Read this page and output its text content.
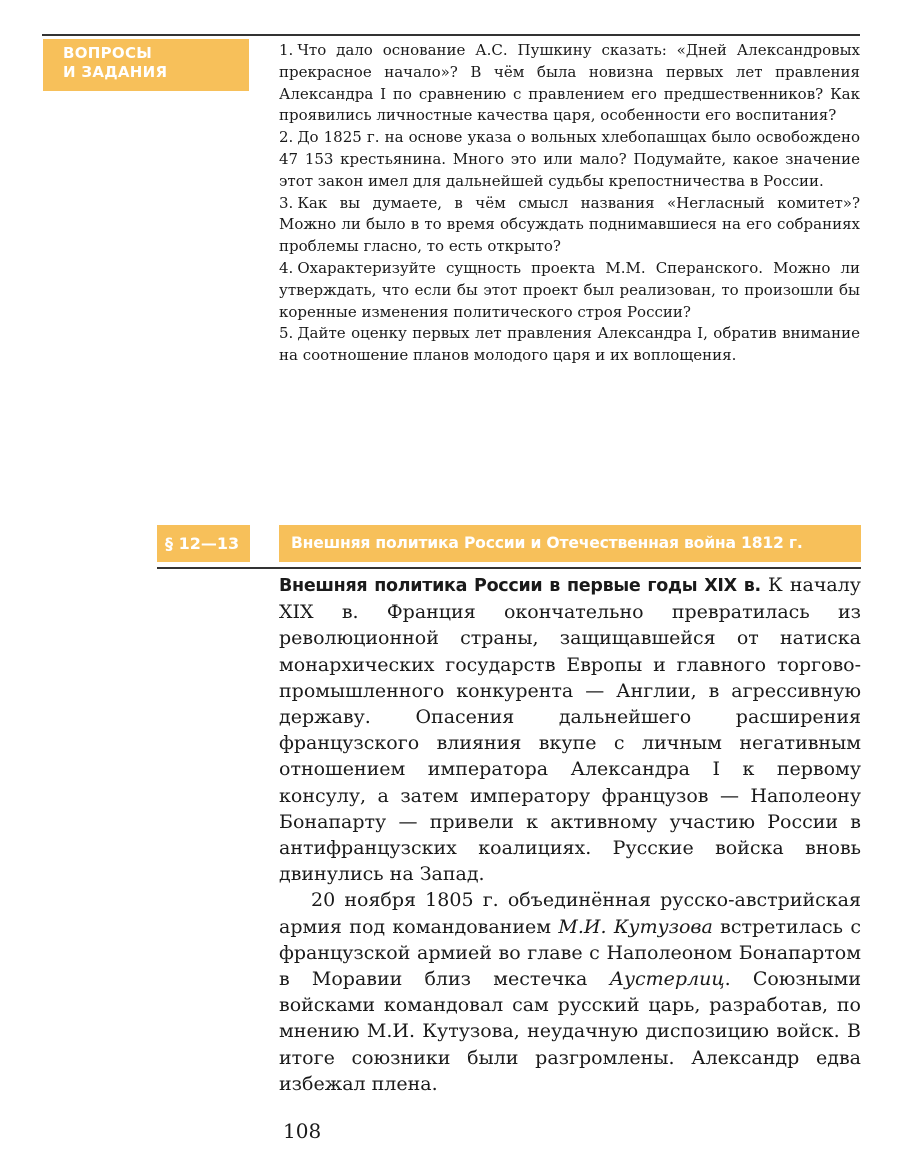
ВОПРОСЫ
И ЗАДАНИЯ

1. Что дало основание А.С. Пушкину сказать: «Дней Александровых прекрасное начало»? В чём была новизна первых лет правления Александра I по сравнению с правлением его предшественников? Как проявились личностные качества царя, особенности его воспитания?

2. До 1825 г. на основе указа о вольных хлебопашцах было освобождено 47 153 крестьянина. Много это или мало? Подумайте, какое значение этот закон имел для дальнейшей судьбы крепостничества в России.

3. Как вы думаете, в чём смысл названия «Негласный комитет»? Можно ли было в то время обсуждать поднимавшиеся на его собраниях проблемы гласно, то есть открыто?

4. Охарактеризуйте сущность проекта М.М. Сперанского. Можно ли утверждать, что если бы этот проект был реализован, то произошли бы коренные изменения политического строя России?

5. Дайте оценку первых лет правления Александра I, обратив внимание на соотношение планов молодого царя и их воплощения.

§ 12—13	Внешняя политика России и Отечественная война 1812 г.

Внешняя политика России в первые годы XIX в. К началу XIX в. Франция окончательно превратилась из революционной страны, защищавшейся от натиска монархических государств Европы и главного торгово-промышленного конкурента — Англии, в агрессивную державу. Опасения дальнейшего расширения французского влияния вкупе с личным негативным отношением императора Александра I к первому консулу, а затем императору французов — Наполеону Бонапарту — привели к активному участию России в антифранцузских коалициях. Русские войска вновь двинулись на Запад.

20 ноября 1805 г. объединённая русско-австрийская армия под командованием М.И. Кутузова встретилась с французской армией во главе с Наполеоном Бонапартом в Моравии близ местечка Аустерлиц. Союзными войсками командовал сам русский царь, разработав, по мнению М.И. Кутузова, неудачную диспозицию войск. В итоге союзники были разгромлены. Александр едва избежал плена.

108
